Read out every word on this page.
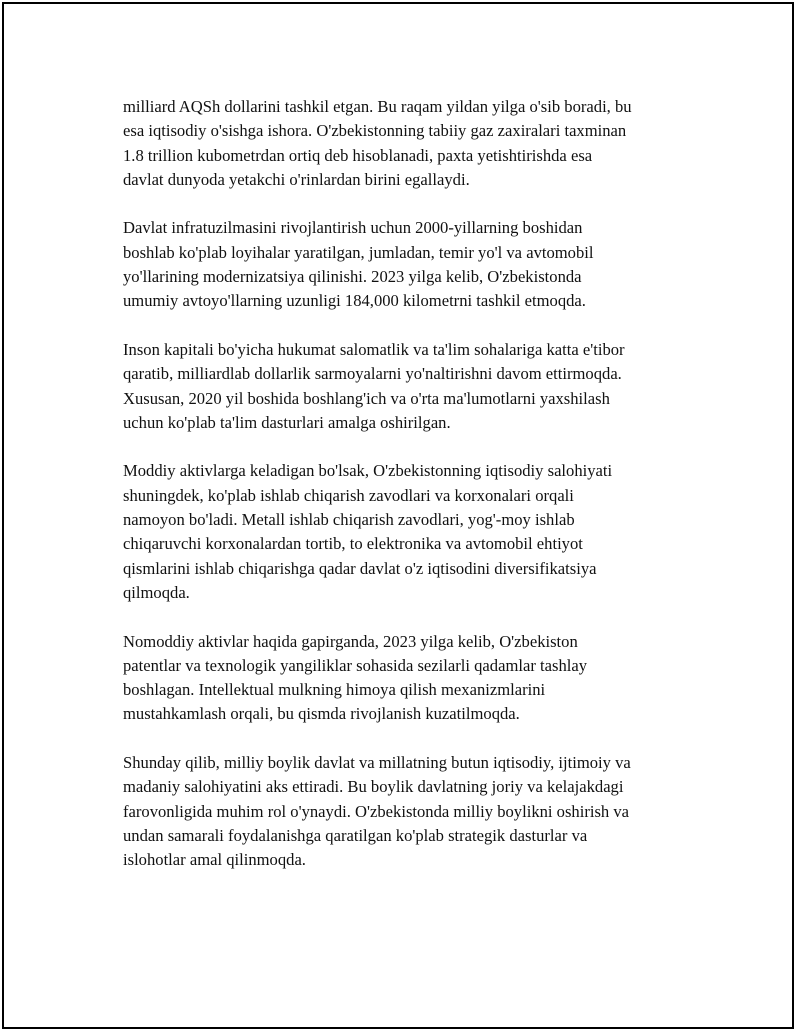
milliard AQSh dollarini tashkil etgan. Bu raqam yildan yilga o'sib boradi, bu
esa iqtisodiy o'sishga ishora. O'zbekistonning tabiiy gaz zaxiralari taxminan
1.8 trillion kubometrdan ortiq deb hisoblanadi, paxta yetishtirishda esa
davlat dunyoda yetakchi o'rinlardan birini egallaydi.

Davlat infratuzilmasini rivojlantirish uchun 2000-yillarning boshidan
boshlab ko'plab loyihalar yaratilgan, jumladan, temir yo'l va avtomobil
yo'llarining modernizatsiya qilinishi. 2023 yilga kelib, O'zbekistonda
umumiy avtoyo'llarning uzunligi 184,000 kilometrni tashkil etmoqda.

Inson kapitali bo'yicha hukumat salomatlik va ta'lim sohalariga katta e'tibor
qaratib, milliardlab dollarlik sarmoyalarni yo'naltirishni davom ettirmoqda.
Xususan, 2020 yil boshida boshlang'ich va o'rta ma'lumotlarni yaxshilash
uchun ko'plab ta'lim dasturlari amalga oshirilgan.

Moddiy aktivlarga keladigan bo'lsak, O'zbekistonning iqtisodiy salohiyati
shuningdek, ko'plab ishlab chiqarish zavodlari va korxonalari orqali
namoyon bo'ladi. Metall ishlab chiqarish zavodlari, yog'-moy ishlab
chiqaruvchi korxonalardan tortib, to elektronika va avtomobil ehtiyot
qismlarini ishlab chiqarishga qadar davlat o'z iqtisodini diversifikatsiya
qilmoqda.

Nomoddiy aktivlar haqida gapirganda, 2023 yilga kelib, O'zbekiston
patentlar va texnologik yangiliklar sohasida sezilarli qadamlar tashlay
boshlagan. Intellektual mulkning himoya qilish mexanizmlarini
mustahkamlash orqali, bu qismda rivojlanish kuzatilmoqda.

Shunday qilib, milliy boylik davlat va millatning butun iqtisodiy, ijtimoiy va
madaniy salohiyatini aks ettiradi. Bu boylik davlatning joriy va kelajakdagi
farovonligida muhim rol o'ynaydi. O'zbekistonda milliy boylikni oshirish va
undan samarali foydalanishga qaratilgan ko'plab strategik dasturlar va
islohotlar amal qilinmoqda.
